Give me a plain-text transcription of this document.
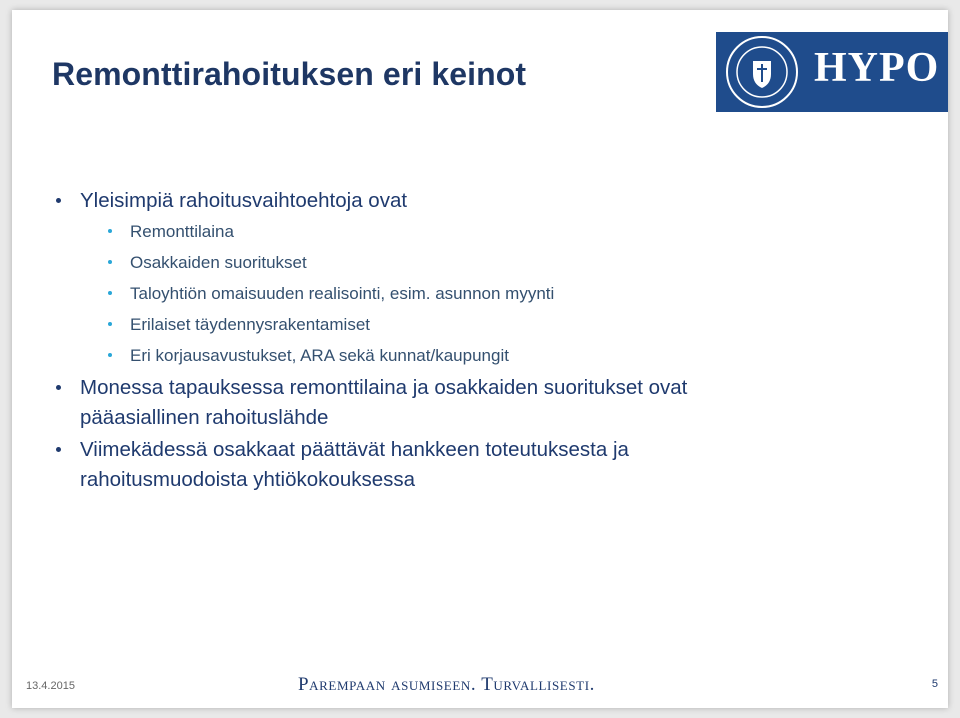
Remonttirahoituksen eri keinot	HYPO
Yleisimpiä rahoitusvaihtoehtoja ovat
Remonttilaina
Osakkaiden suoritukset
Taloyhtiön omaisuuden realisointi, esim. asunnon myynti
Erilaiset täydennysrakentamiset
Eri korjausavustukset, ARA sekä kunnat/kaupungit
Monessa tapauksessa remonttilaina ja osakkaiden suoritukset ovat
pääasiallinen rahoituslähde
Viimekädessä osakkaat päättävät hankkeen toteutuksesta ja
rahoitusmuodoista yhtiökokouksessa
13.4.2015	Parempaan asumiseen. Turvallisesti.	5
